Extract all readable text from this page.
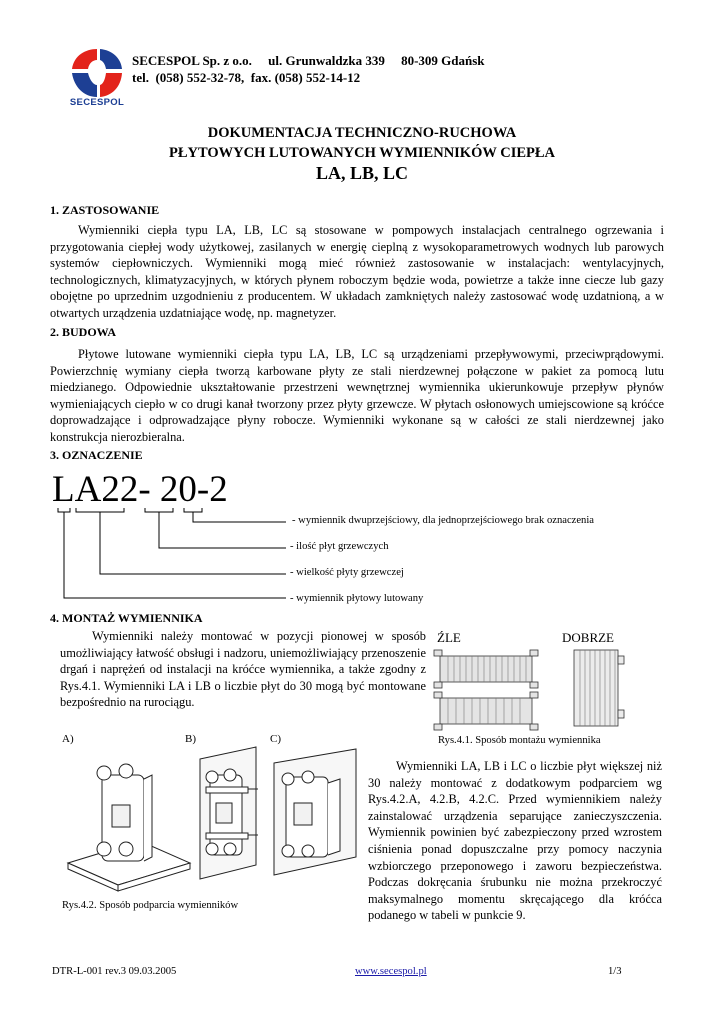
SECESPOL
SECESPOL Sp. z o.o.     ul. Grunwaldzka 339     80-309 Gdańsk
tel.  (058) 552-32-78,  fax. (058) 552-14-12
DOKUMENTACJA TECHNICZNO-RUCHOWA
PŁYTOWYCH LUTOWANYCH WYMIENNIKÓW CIEPŁA
LA, LB, LC
1. ZASTOSOWANIE

Wymienniki ciepła typu LA, LB, LC są stosowane w pompowych instalacjach centralnego ogrzewania i przygotowania ciepłej wody użytkowej, zasilanych w energię cieplną z wysokoparametrowych wodnych lub parowych systemów ciepłowniczych. Wymienniki mogą mieć również zastosowanie w instalacjach: wentylacyjnych, technologicznych, klimatyzacyjnych, w których płynem roboczym będzie woda, powietrze a także inne ciecze lub gazy obojętne po uprzednim uzgodnieniu z producentem. W układach zamkniętych należy zastosować wodę uzdatnioną, a w otwartych urządzenia uzdatniające wodę, np. magnetyzer.

2. BUDOWA

Płytowe lutowane wymienniki ciepła typu LA, LB, LC są urządzeniami przepływowymi, przeciwprądowymi. Powierzchnię wymiany ciepła tworzą karbowane płyty ze stali nierdzewnej połączone w pakiet za pomocą lutu miedzianego. Odpowiednie ukształtowanie przestrzeni wewnętrznej wymiennika ukierunkowuje przepływ płynów wymieniających ciepło w co drugi kanał tworzony przez płyty grzewcze. W płytach osłonowych umiejscowione są króćce doprowadzające i odprowadzające płyny robocze. Wymienniki wykonane są w całości ze stali nierdzewnej jako konstrukcja nierozbieralna.

3. OZNACZENIE
LA22- 20-2
- wymiennik dwuprzejściowy, dla jednoprzejściowego brak oznaczenia
- ilość płyt grzewczych
- wielkość płyty grzewczej
- wymiennik płytowy lutowany
4. MONTAŻ WYMIENNIKA

Wymienniki należy montować w pozycji pionowej w sposób umożliwiający łatwość obsługi i nadzoru, uniemożliwiający przenoszenie drgań i naprężeń od instalacji na króćce wymiennika, a także zgodny z Rys.4.1. Wymienniki LA i LB o liczbie płyt do 30 mogą być montowane bezpośrednio na rurociągu.

ŹLE	DOBRZE
Rys.4.1. Sposób montażu wymiennika
A)	B)	C)
Rys.4.2. Sposób podparcia wymienników

Wymienniki LA, LB i LC o liczbie płyt większej niż 30 należy montować z dodatkowym podparciem wg Rys.4.2.A, 4.2.B, 4.2.C. Przed wymiennikiem należy zainstalować urządzenia separujące zanieczyszczenia. Wymiennik powinien być zabezpieczony przed wzrostem ciśnienia ponad dopuszczalne przy pomocy naczynia wzbiorczego przeponowego i zaworu bezpieczeństwa. Podczas dokręcania śrubunku nie można przekroczyć maksymalnego momentu skręcającego dla króćca podanego w tabeli w punkcie 9.

DTR-L-001 rev.3 09.03.2005	www.secespol.pl	1/3
